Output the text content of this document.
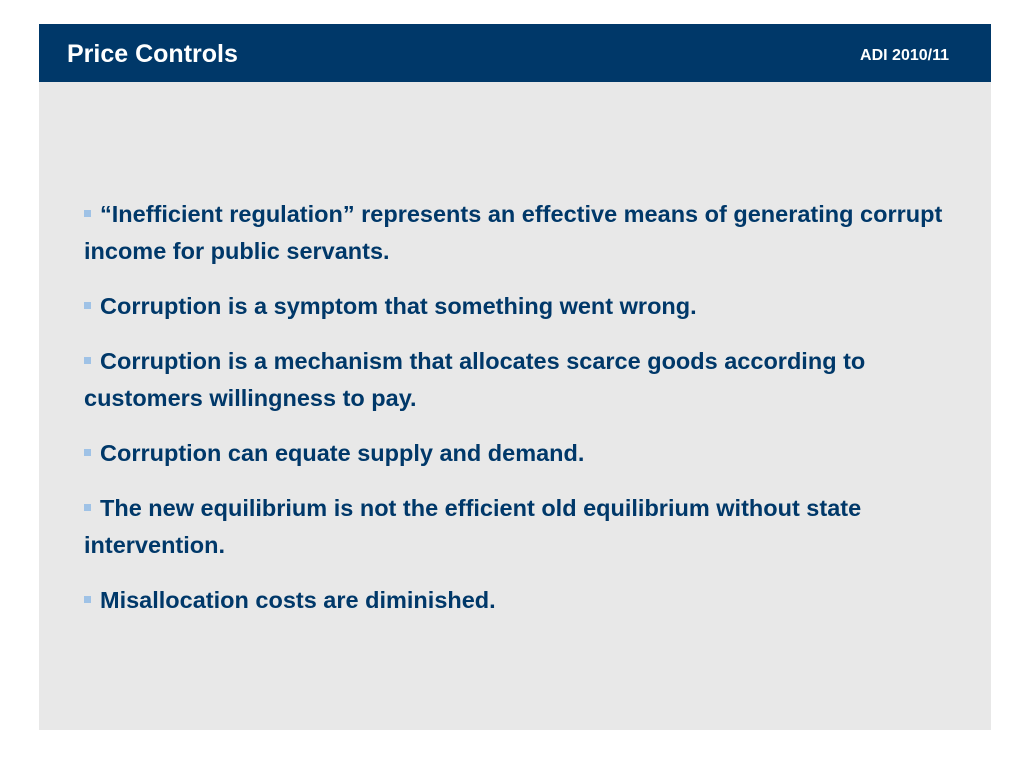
Price Controls	ADI 2010/11
“Inefficient regulation” represents an effective means of generating corrupt income for public servants.
Corruption is a symptom that something went wrong.
Corruption is a mechanism that allocates scarce goods according to customers willingness to pay.
Corruption can equate supply and demand.
The new equilibrium is not the efficient old equilibrium without state intervention.
Misallocation costs are diminished.
